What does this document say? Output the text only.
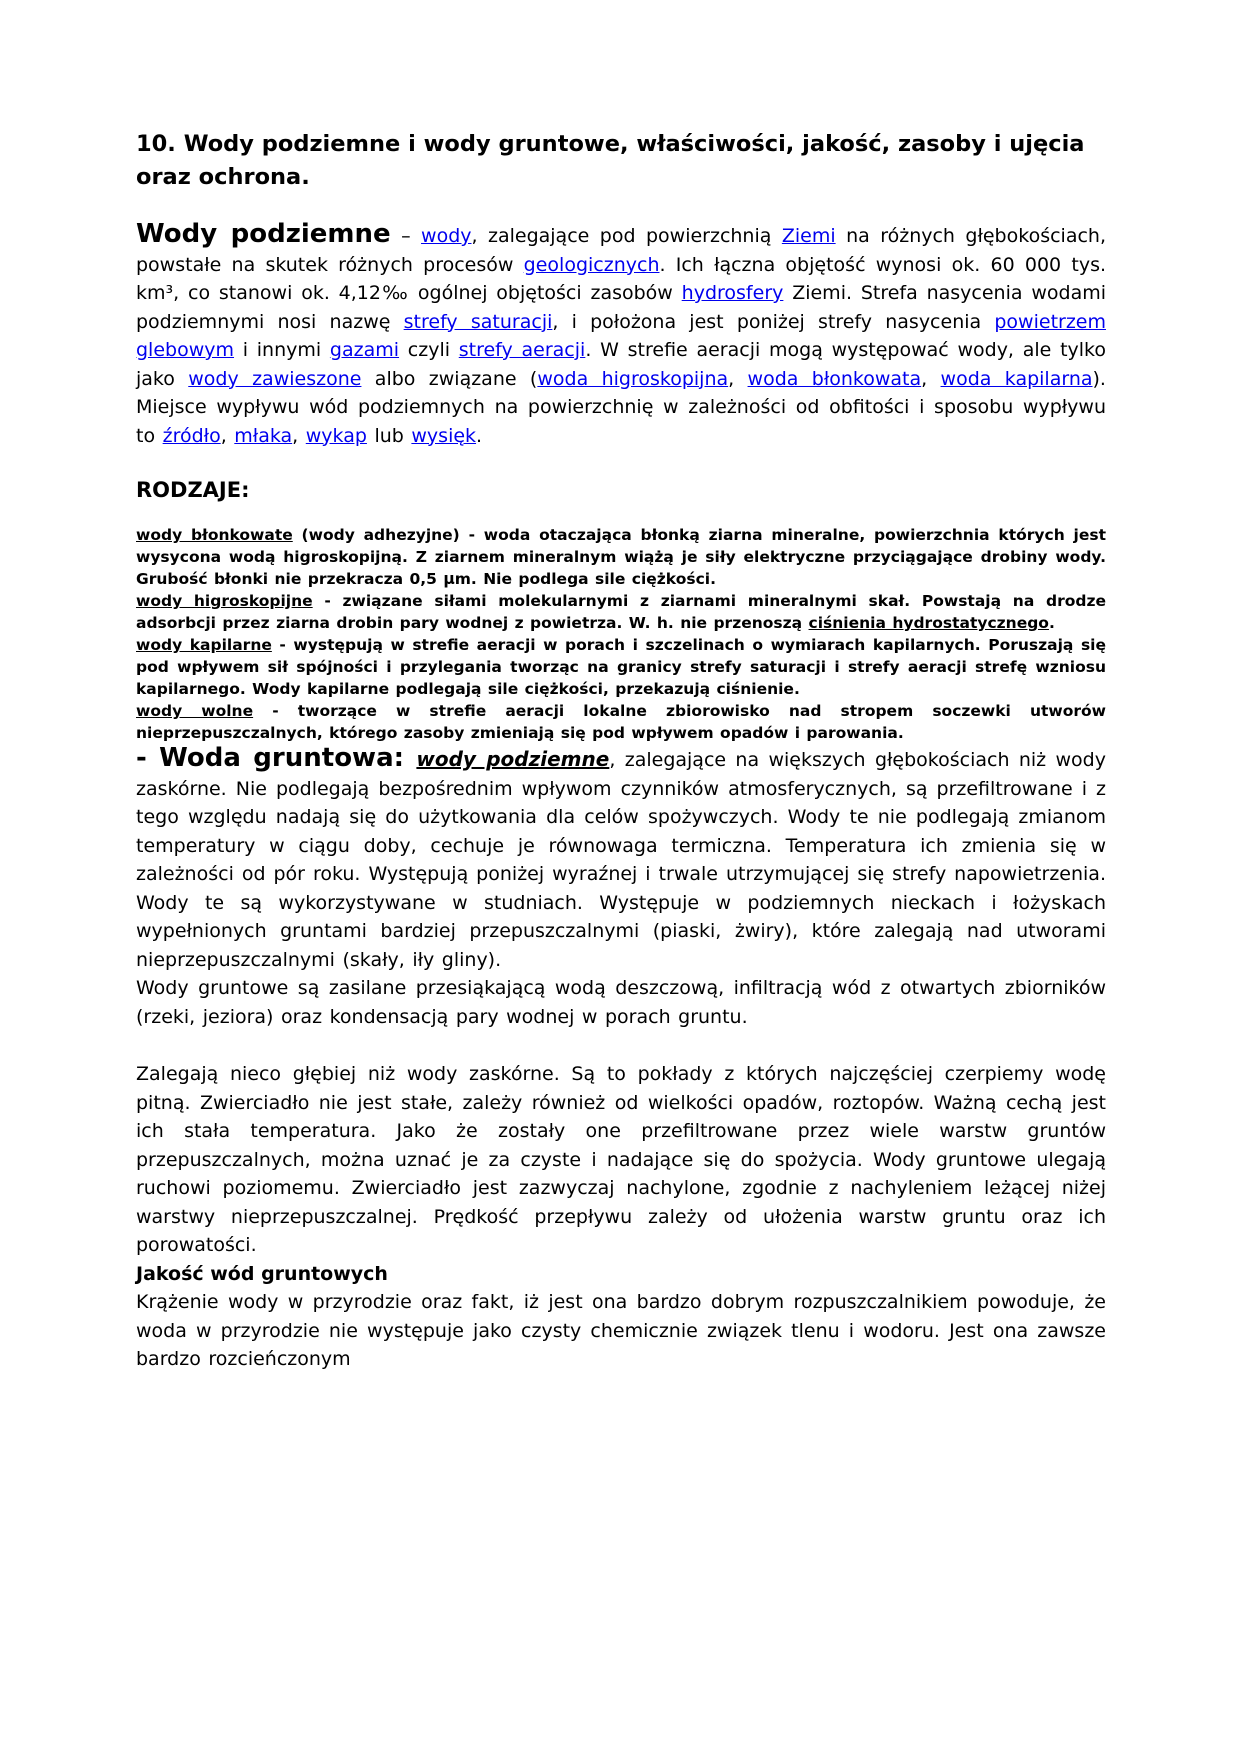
10. Wody podziemne i wody gruntowe, właściwości, jakość, zasoby i ujęcia oraz ochrona.

Wody podziemne – wody, zalegające pod powierzchnią Ziemi na różnych głębokościach, powstałe na skutek różnych procesów geologicznych. Ich łączna objętość wynosi ok. 60 000 tys. km³, co stanowi ok. 4,12‰ ogólnej objętości zasobów hydrosfery Ziemi. Strefa nasycenia wodami podziemnymi nosi nazwę strefy saturacji, i położona jest poniżej strefy nasycenia powietrzem glebowym i innymi gazami czyli strefy aeracji. W strefie aeracji mogą występować wody, ale tylko jako wody zawieszone albo związane (woda higroskopijna, woda błonkowata, woda kapilarna). Miejsce wypływu wód podziemnych na powierzchnię w zależności od obfitości i sposobu wypływu to źródło, młaka, wykap lub wysięk.

RODZAJE:

wody błonkowate (wody adhezyjne) - woda otaczająca błonką ziarna mineralne, powierzchnia których jest wysycona wodą higroskopijną. Z ziarnem mineralnym wiążą je siły elektryczne przyciągające drobiny wody. Grubość błonki nie przekracza 0,5 μm. Nie podlega sile ciężkości.

wody higroskopijne - związane siłami molekularnymi z ziarnami mineralnymi skał. Powstają na drodze adsorbcji przez ziarna drobin pary wodnej z powietrza. W. h. nie przenoszą ciśnienia hydrostatycznego.

wody kapilarne - występują w strefie aeracji w porach i szczelinach o wymiarach kapilarnych. Poruszają się pod wpływem sił spójności i przylegania tworząc na granicy strefy saturacji i strefy aeracji strefę wzniosu kapilarnego. Wody kapilarne podlegają sile ciężkości, przekazują ciśnienie.

wody wolne - tworzące w strefie aeracji lokalne zbiorowisko nad stropem soczewki utworów nieprzepuszczalnych, którego zasoby zmieniają się pod wpływem opadów i parowania.

- Woda gruntowa: wody podziemne, zalegające na większych głębokościach niż wody zaskórne. Nie podlegają bezpośrednim wpływom czynników atmosferycznych, są przefiltrowane i z tego względu nadają się do użytkowania dla celów spożywczych. Wody te nie podlegają zmianom temperatury w ciągu doby, cechuje je równowaga termiczna. Temperatura ich zmienia się w zależności od pór roku. Występują poniżej wyraźnej i trwale utrzymującej się strefy napowietrzenia. Wody te są wykorzystywane w studniach. Występuje w podziemnych nieckach i łożyskach wypełnionych gruntami bardziej przepuszczalnymi (piaski, żwiry), które zalegają nad utworami nieprzepuszczalnymi (skały, iły gliny).

Wody gruntowe są zasilane przesiąkającą wodą deszczową, infiltracją wód z otwartych zbiorników (rzeki, jeziora) oraz kondensacją pary wodnej w porach gruntu.

Zalegają nieco głębiej niż wody zaskórne. Są to pokłady z których najczęściej czerpiemy wodę pitną. Zwierciadło nie jest stałe, zależy również od wielkości opadów, roztopów. Ważną cechą jest ich stała temperatura. Jako że zostały one przefiltrowane przez wiele warstw gruntów przepuszczalnych, można uznać je za czyste i nadające się do spożycia. Wody gruntowe ulegają ruchowi poziomemu. Zwierciadło jest zazwyczaj nachylone, zgodnie z nachyleniem leżącej niżej warstwy nieprzepuszczalnej. Prędkość przepływu zależy od ułożenia warstw gruntu oraz ich porowatości.

Jakość wód gruntowych

Krążenie wody w przyrodzie oraz fakt, iż jest ona bardzo dobrym rozpuszczalnikiem powoduje, że woda w przyrodzie nie występuje jako czysty chemicznie związek tlenu i wodoru. Jest ona zawsze bardzo rozcieńczonym
